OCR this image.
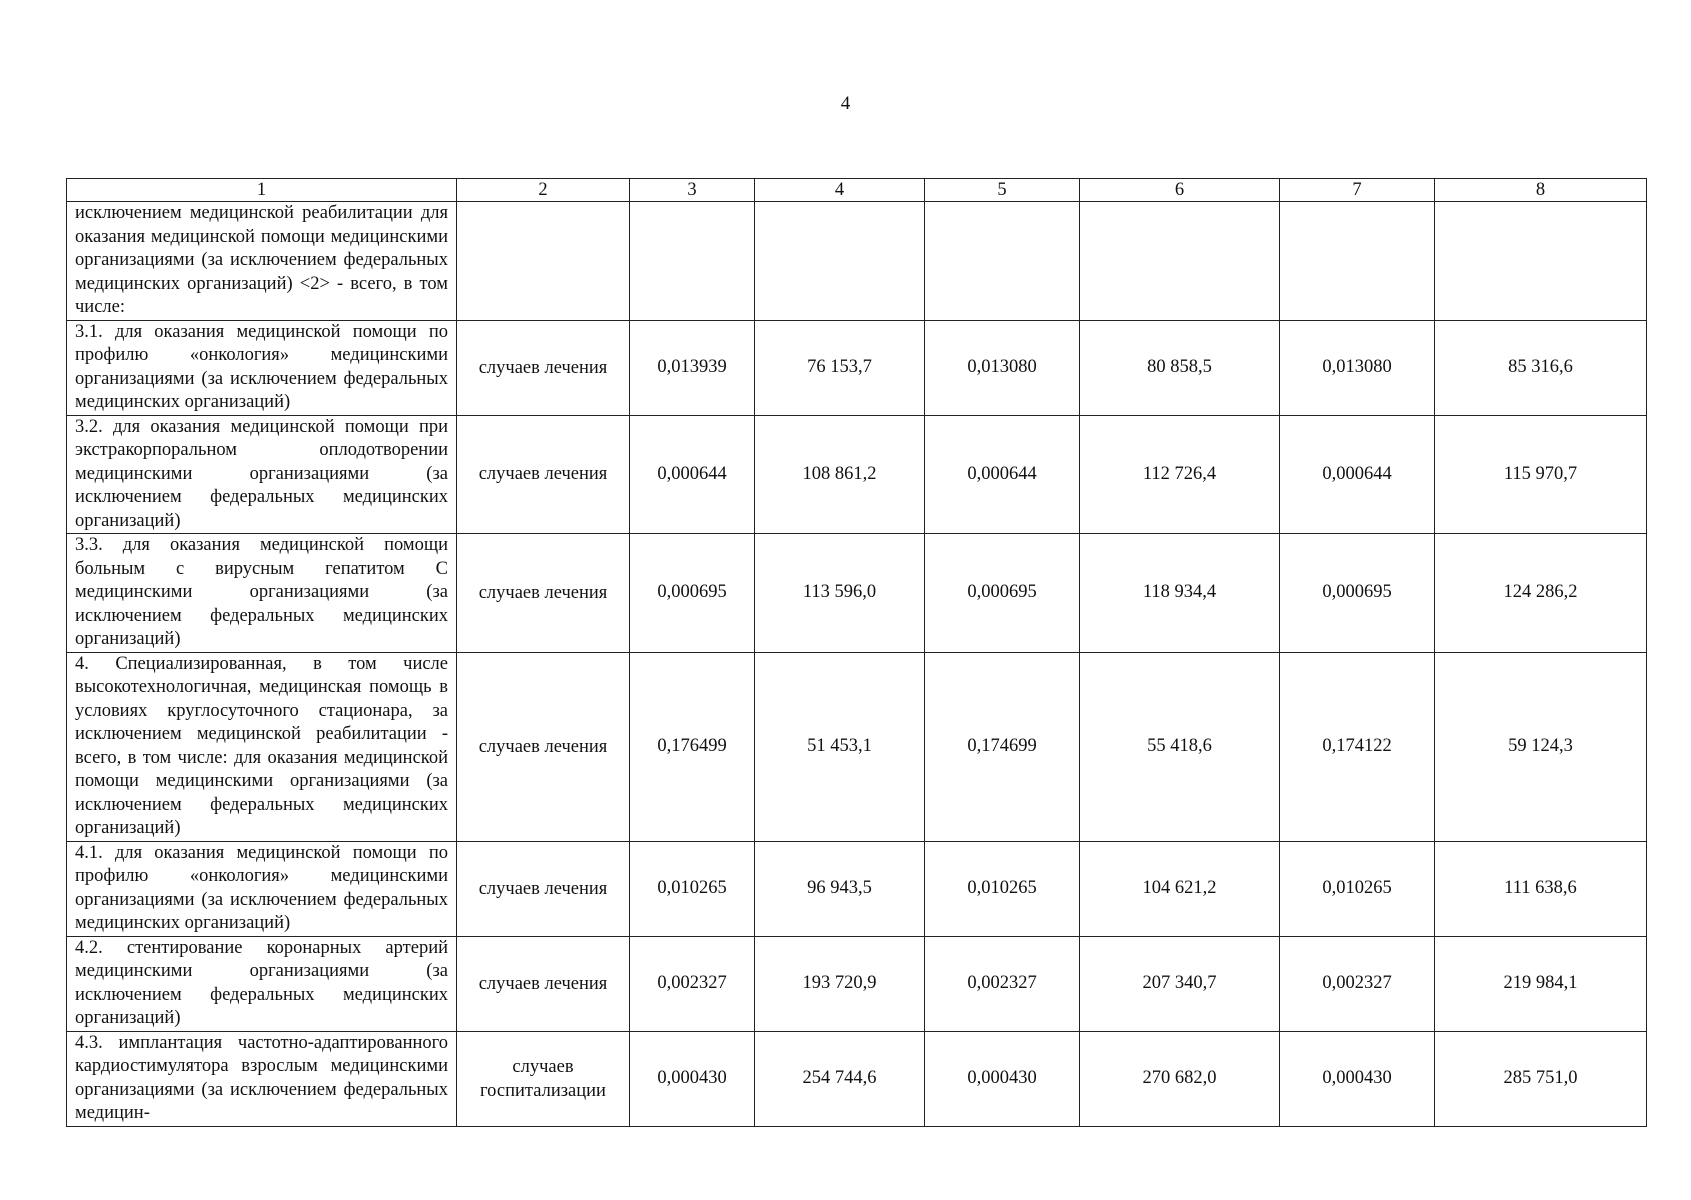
4
1	2	3	4	5	6	7	8
исключением медицинской реабилитации для оказания медицинской помощи медицинскими организациями (за исключением федеральных медицинских организаций) <2> - всего, в том числе:							
3.1. для оказания медицинской помощи по профилю «онкология» медицинскими организациями (за исключением федеральных медицинских организаций)	случаев лечения	0,013939	76 153,7	0,013080	80 858,5	0,013080	85 316,6
3.2. для оказания медицинской помощи при экстракорпоральном оплодотворении медицинскими организациями (за исключением федеральных медицинских организаций)	случаев лечения	0,000644	108 861,2	0,000644	112 726,4	0,000644	115 970,7
3.3. для оказания медицинской помощи больным с вирусным гепатитом С медицинскими организациями (за исключением федеральных медицинских организаций)	случаев лечения	0,000695	113 596,0	0,000695	118 934,4	0,000695	124 286,2
4. Специализированная, в том числе высокотехнологичная, медицинская помощь в условиях круглосуточного стационара, за исключением медицинской реабилитации - всего, в том числе: для оказания медицинской помощи медицинскими организациями (за исключением федеральных медицинских организаций)	случаев лечения	0,176499	51 453,1	0,174699	55 418,6	0,174122	59 124,3
4.1. для оказания медицинской помощи по профилю «онкология» медицинскими организациями (за исключением федеральных медицинских организаций)	случаев лечения	0,010265	96 943,5	0,010265	104 621,2	0,010265	111 638,6
4.2. стентирование коронарных артерий медицинскими организациями (за исключением федеральных медицинских организаций)	случаев лечения	0,002327	193 720,9	0,002327	207 340,7	0,002327	219 984,1
4.3. имплантация частотно-адаптированного кардиостимулятора взрослым медицинскими организациями (за исключением федеральных медицин-	случаев госпитализации	0,000430	254 744,6	0,000430	270 682,0	0,000430	285 751,0
